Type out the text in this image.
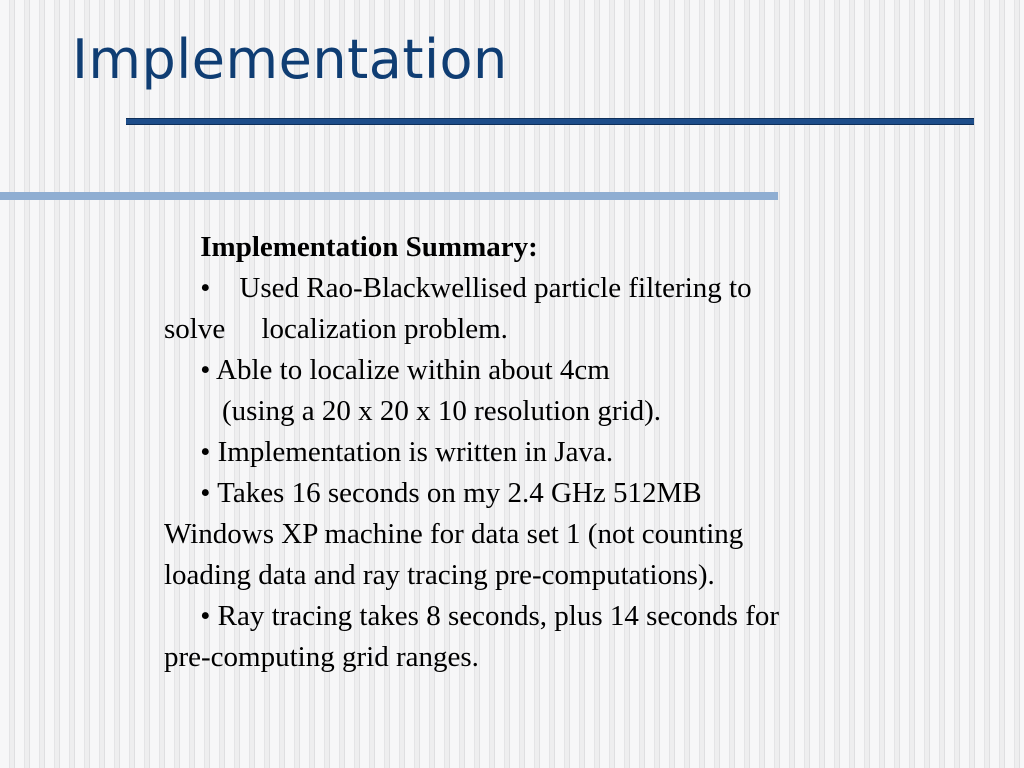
Implementation
Implementation Summary:
•    Used Rao-Blackwellised particle filtering to
solve     localization problem.
• Able to localize within about 4cm
(using a 20 x 20 x 10 resolution grid).
• Implementation is written in Java.
• Takes 16 seconds on my 2.4 GHz 512MB
Windows XP machine for data set 1 (not counting
loading data and ray tracing pre-computations).
• Ray tracing takes 8 seconds, plus 14 seconds for
pre-computing grid ranges.
